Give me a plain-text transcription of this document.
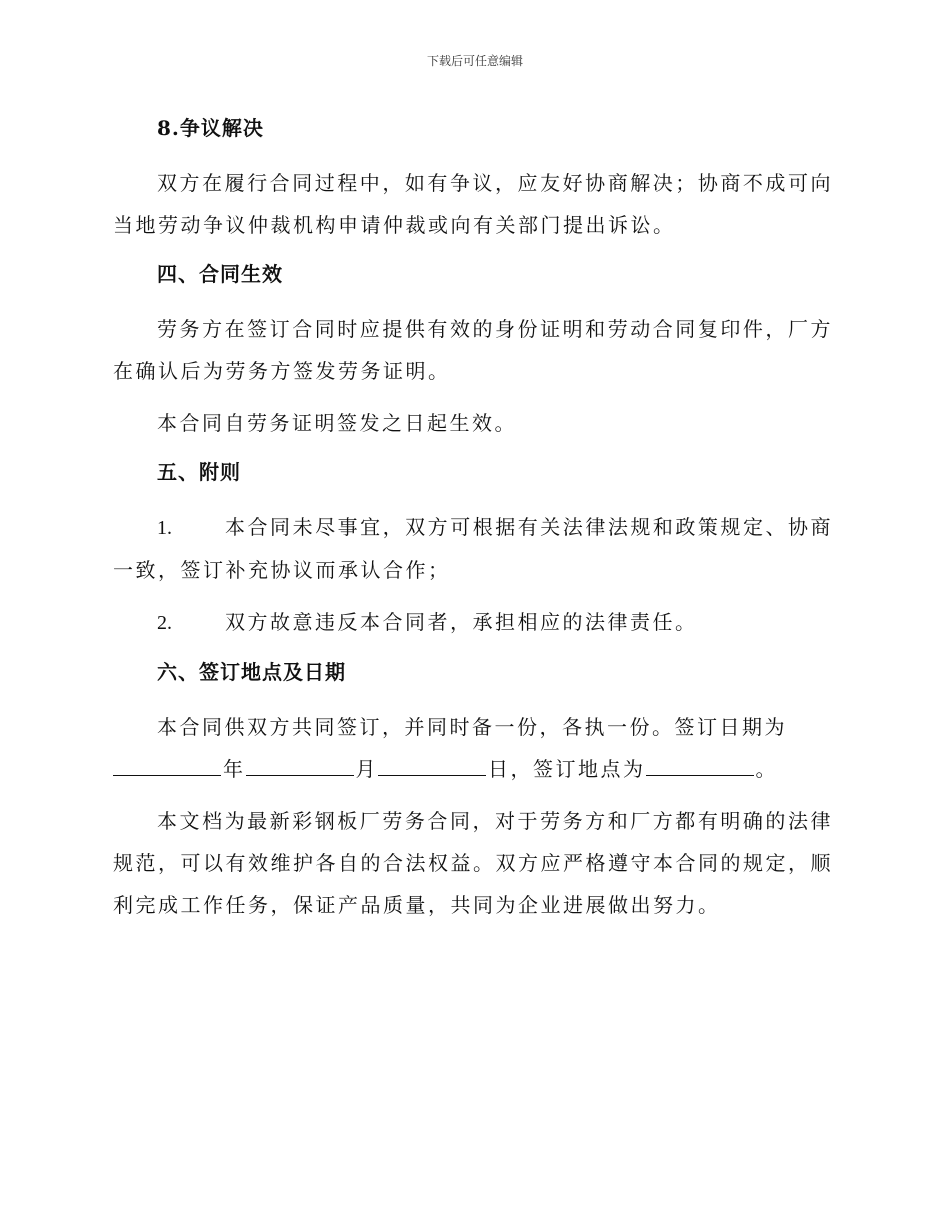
下载后可任意编辑
8.争议解决
双方在履行合同过程中，如有争议，应友好协商解决；协商不成可向当地劳动争议仲裁机构申请仲裁或向有关部门提出诉讼。
四、合同生效
劳务方在签订合同时应提供有效的身份证明和劳动合同复印件，厂方在确认后为劳务方签发劳务证明。
本合同自劳务证明签发之日起生效。
五、附则
1.	本合同未尽事宜，双方可根据有关法律法规和政策规定、协商一致，签订补充协议而承认合作；
2.	双方故意违反本合同者，承担相应的法律责任。
六、签订地点及日期
本合同供双方共同签订，并同时备一份，各执一份。签订日期为
年	月	日，签订地点为	。
本文档为最新彩钢板厂劳务合同，对于劳务方和厂方都有明确的法律规范，可以有效维护各自的合法权益。双方应严格遵守本合同的规定，顺利完成工作任务，保证产品质量，共同为企业进展做出努力。
